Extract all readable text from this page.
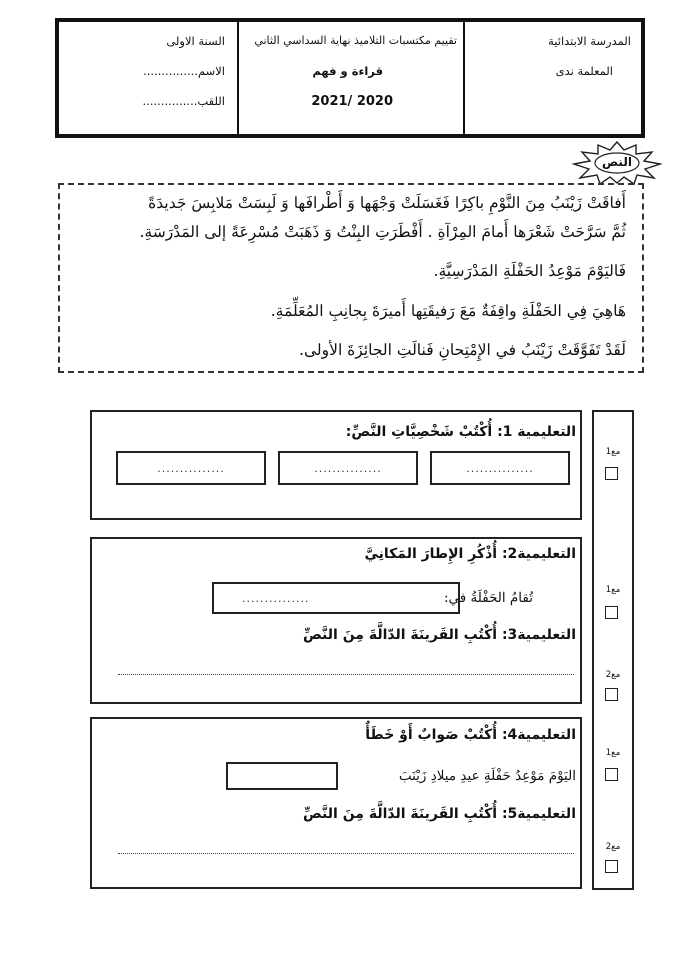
المدرسة الابتدائية
المعلمة ندى
تقييم مكتسبات التلاميذ نهاية السداسي الثاني
قراءة و فهم
2021/ 2020
السنة الاولى
الاسم...............
اللقب...............
النص
أَفاقَتْ زَيْنَبُ مِنَ النَّوْمِ باكِرًا فَغَسَلَتْ وَجْهَها وَ أَطْرافَها وَ لَبِسَتْ مَلابِسَ جَديدَةً
ثُمَّ سَرَّحَتْ شَعْرَها أَمامَ المِرْآةِ . أَفْطَرَتِ البِنْتُ وَ ذَهَبَتْ مُسْرِعَةً إلى المَدْرَسَةِ.
فَاليَوْمَ مَوْعِدُ الحَفْلَةِ المَدْرَسِيَّةِ.
هَاهِيَ فِي الحَفْلَةِ واقِفَةٌ مَعَ رَفيقَتِها أَميرَةَ بِجانِبِ المُعَلِّمَةِ.
لَقَدْ تَفَوَّقَتْ زَيْنَبُ في الإِمْتِحانِ فَنالَتِ الجائِزَةَ الأولى.
مع1
مع1
مع2
مع1
مع2
التعليمية 1: أُكْتُبْ شَخْصِيَّاتِ النَّصِّ:
...............
...............
...............
التعليمية2: أُذْكُرِ الإِطارَ المَكانِيَّ
تُقامُ الحَفْلَةُ في:
...............
التعليمية3: أُكْتُبِ القَرينَةَ الدّالَّةَ مِنَ النَّصِّ
التعليمية4: أُكْتُبْ صَوابٌ أَوْ خَطَأٌ
اليَوْمَ مَوْعِدُ حَفْلَةِ عيدِ ميلادِ زَيْنَبَ
التعليمية5: أُكْتُبِ القَرينَةَ الدّالَّةَ مِنَ النَّصِّ
